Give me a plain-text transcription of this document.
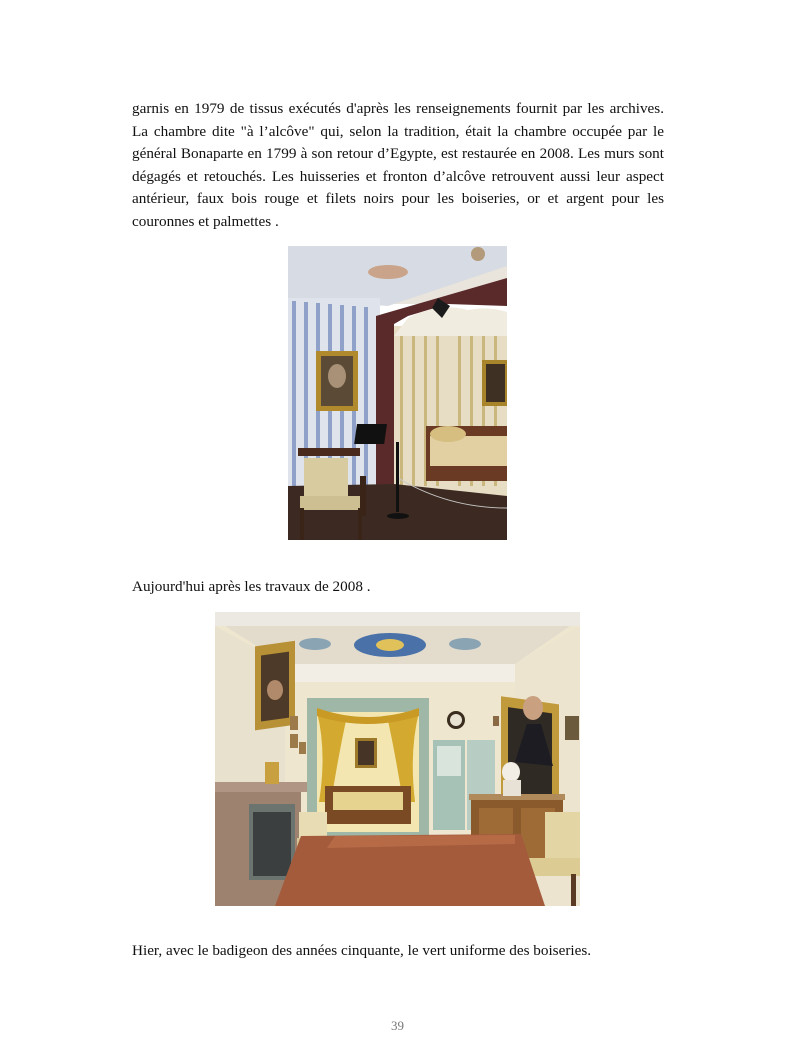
garnis en 1979 de tissus exécutés d'après les renseignements fournit par les archives. La chambre dite "à l’alcôve" qui, selon la tradition, était la chambre occupée par le général Bonaparte en 1799 à son retour d’Egypte, est restaurée en 2008. Les murs sont dégagés et retouchés. Les huisseries et fronton d’alcôve retrouvent aussi leur aspect antérieur, faux bois rouge et filets noirs pour les boiseries, or et argent pour les couronnes et palmettes .

Aujourd'hui après les travaux de 2008 .

Hier, avec le badigeon des années cinquante, le vert uniforme des boiseries.

39
